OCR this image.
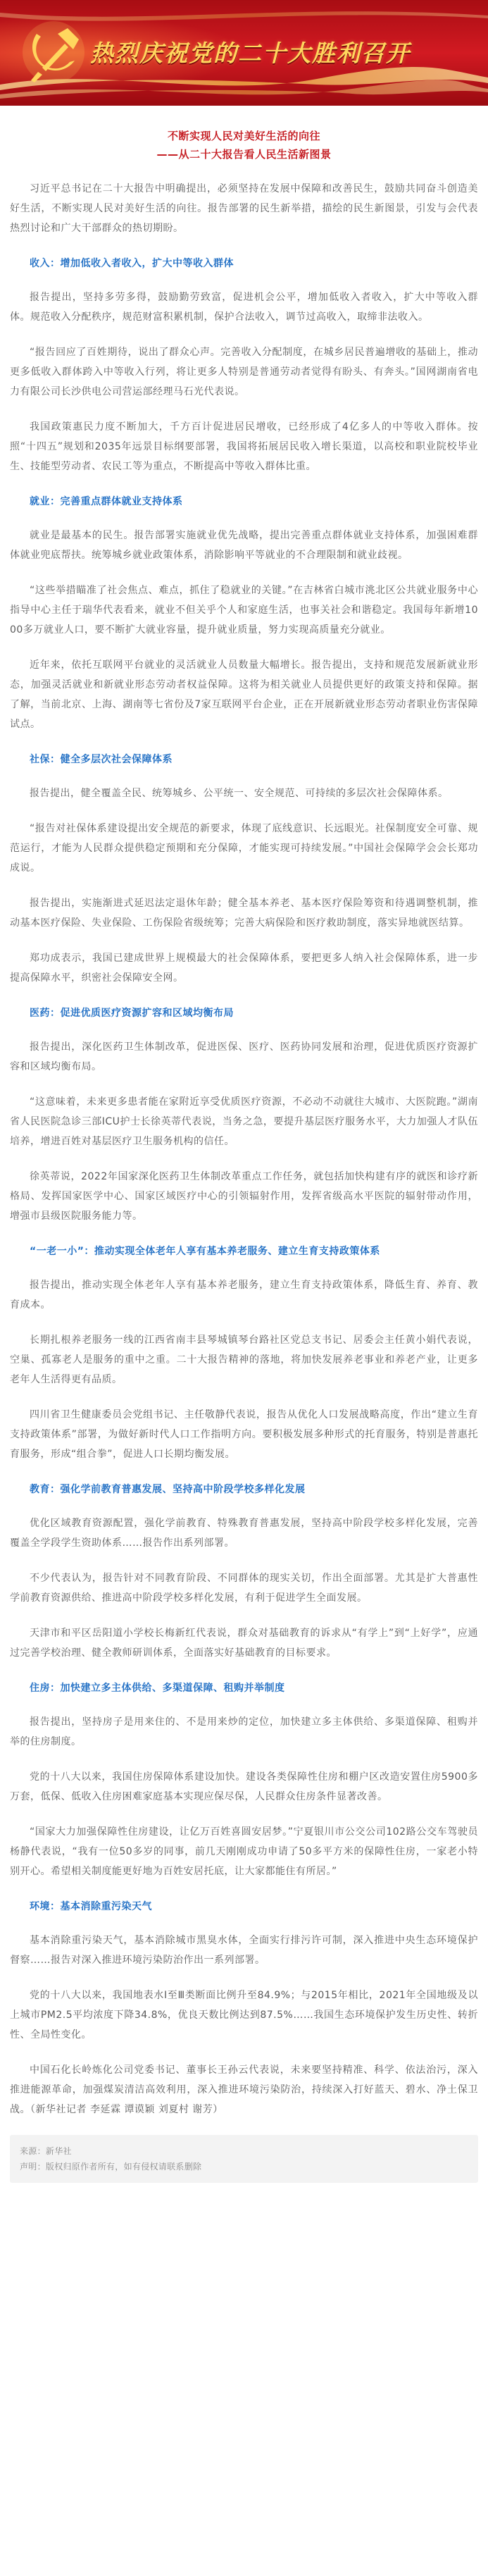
热烈庆祝党的二十大胜利召开

不断实现人民对美好生活的向往

——从二十大报告看人民生活新图景

习近平总书记在二十大报告中明确提出，必须坚持在发展中保障和改善民生，鼓励共同奋斗创造美好生活，不断实现人民对美好生活的向往。报告部署的民生新举措，描绘的民生新图景，引发与会代表热烈讨论和广大干部群众的热切期盼。

收入：增加低收入者收入，扩大中等收入群体

报告提出，坚持多劳多得，鼓励勤劳致富，促进机会公平，增加低收入者收入，扩大中等收入群体。规范收入分配秩序，规范财富积累机制，保护合法收入，调节过高收入，取缔非法收入。

“报告回应了百姓期待，说出了群众心声。完善收入分配制度，在城乡居民普遍增收的基础上，推动更多低收入群体跨入中等收入行列，将让更多人特别是普通劳动者觉得有盼头、有奔头。”国网湖南省电力有限公司长沙供电公司营运部经理马石光代表说。

我国政策惠民力度不断加大，千方百计促进居民增收，已经形成了4亿多人的中等收入群体。按照“十四五”规划和2035年远景目标纲要部署，我国将拓展居民收入增长渠道，以高校和职业院校毕业生、技能型劳动者、农民工等为重点，不断提高中等收入群体比重。

就业：完善重点群体就业支持体系

就业是最基本的民生。报告部署实施就业优先战略，提出完善重点群体就业支持体系，加强困难群体就业兜底帮扶。统筹城乡就业政策体系，消除影响平等就业的不合理限制和就业歧视。

“这些举措瞄准了社会焦点、难点，抓住了稳就业的关键。”在吉林省白城市洮北区公共就业服务中心指导中心主任于瑞华代表看来，就业不但关乎个人和家庭生活，也事关社会和谐稳定。我国每年新增1000多万就业人口，要不断扩大就业容量，提升就业质量，努力实现高质量充分就业。

近年来，依托互联网平台就业的灵活就业人员数量大幅增长。报告提出，支持和规范发展新就业形态，加强灵活就业和新就业形态劳动者权益保障。这将为相关就业人员提供更好的政策支持和保障。据了解，当前北京、上海、湖南等七省份及7家互联网平台企业，正在开展新就业形态劳动者职业伤害保障试点。

社保：健全多层次社会保障体系

报告提出，健全覆盖全民、统筹城乡、公平统一、安全规范、可持续的多层次社会保障体系。

“报告对社保体系建设提出安全规范的新要求，体现了底线意识、长远眼光。社保制度安全可靠、规范运行，才能为人民群众提供稳定预期和充分保障，才能实现可持续发展。”中国社会保障学会会长郑功成说。

报告提出，实施渐进式延迟法定退休年龄；健全基本养老、基本医疗保险筹资和待遇调整机制，推动基本医疗保险、失业保险、工伤保险省级统筹；完善大病保险和医疗救助制度，落实异地就医结算。

郑功成表示，我国已建成世界上规模最大的社会保障体系，要把更多人纳入社会保障体系，进一步提高保障水平，织密社会保障安全网。

医药：促进优质医疗资源扩容和区域均衡布局

报告提出，深化医药卫生体制改革，促进医保、医疗、医药协同发展和治理，促进优质医疗资源扩容和区域均衡布局。

“这意味着，未来更多患者能在家附近享受优质医疗资源，不必动不动就往大城市、大医院跑。”湖南省人民医院急诊三部ICU护士长徐英蒂代表说，当务之急，要提升基层医疗服务水平，大力加强人才队伍培养，增进百姓对基层医疗卫生服务机构的信任。

徐英蒂说，2022年国家深化医药卫生体制改革重点工作任务，就包括加快构建有序的就医和诊疗新格局、发挥国家医学中心、国家区域医疗中心的引领辐射作用，发挥省级高水平医院的辐射带动作用，增强市县级医院服务能力等。

“一老一小”：推动实现全体老年人享有基本养老服务、建立生育支持政策体系

报告提出，推动实现全体老年人享有基本养老服务，建立生育支持政策体系，降低生育、养育、教育成本。

长期扎根养老服务一线的江西省南丰县琴城镇琴台路社区党总支书记、居委会主任黄小娟代表说，空巢、孤寡老人是服务的重中之重。二十大报告精神的落地，将加快发展养老事业和养老产业，让更多老年人生活得更有品质。

四川省卫生健康委员会党组书记、主任敬静代表说，报告从优化人口发展战略高度，作出“建立生育支持政策体系”部署，为做好新时代人口工作指明方向。要积极发展多种形式的托育服务，特别是普惠托育服务，形成“组合拳”，促进人口长期均衡发展。

教育：强化学前教育普惠发展、坚持高中阶段学校多样化发展

优化区域教育资源配置，强化学前教育、特殊教育普惠发展，坚持高中阶段学校多样化发展，完善覆盖全学段学生资助体系……报告作出系列部署。

不少代表认为，报告针对不同教育阶段、不同群体的现实关切，作出全面部署。尤其是扩大普惠性学前教育资源供给、推进高中阶段学校多样化发展，有利于促进学生全面发展。

天津市和平区岳阳道小学校长梅新红代表说，群众对基础教育的诉求从“有学上”到“上好学”，应通过完善学校治理、健全教师研训体系，全面落实好基础教育的目标要求。

住房：加快建立多主体供给、多渠道保障、租购并举制度

报告提出，坚持房子是用来住的、不是用来炒的定位，加快建立多主体供给、多渠道保障、租购并举的住房制度。

党的十八大以来，我国住房保障体系建设加快。建设各类保障性住房和棚户区改造安置住房5900多万套，低保、低收入住房困难家庭基本实现应保尽保，人民群众住房条件显著改善。

“国家大力加强保障性住房建设，让亿万百姓喜圆安居梦。”宁夏银川市公交公司102路公交车驾驶员杨静代表说，“我有一位50多岁的同事，前几天刚刚成功申请了50多平方米的保障性住房，一家老小特别开心。希望相关制度能更好地为百姓安居托底，让大家都能住有所居。”

环境：基本消除重污染天气

基本消除重污染天气，基本消除城市黑臭水体，全面实行排污许可制，深入推进中央生态环境保护督察……报告对深入推进环境污染防治作出一系列部署。

党的十八大以来，我国地表水Ⅰ至Ⅲ类断面比例升至84.9%；与2015年相比，2021年全国地级及以上城市PM2.5平均浓度下降34.8%，优良天数比例达到87.5%……我国生态环境保护发生历史性、转折性、全局性变化。

中国石化长岭炼化公司党委书记、董事长王孙云代表说，未来要坚持精准、科学、依法治污，深入推进能源革命，加强煤炭清洁高效利用，深入推进环境污染防治，持续深入打好蓝天、碧水、净土保卫战。（新华社记者 李延霖 谭谟颖 刘夏村 谢芳）

来源：新华社

声明：版权归原作者所有，如有侵权请联系删除
